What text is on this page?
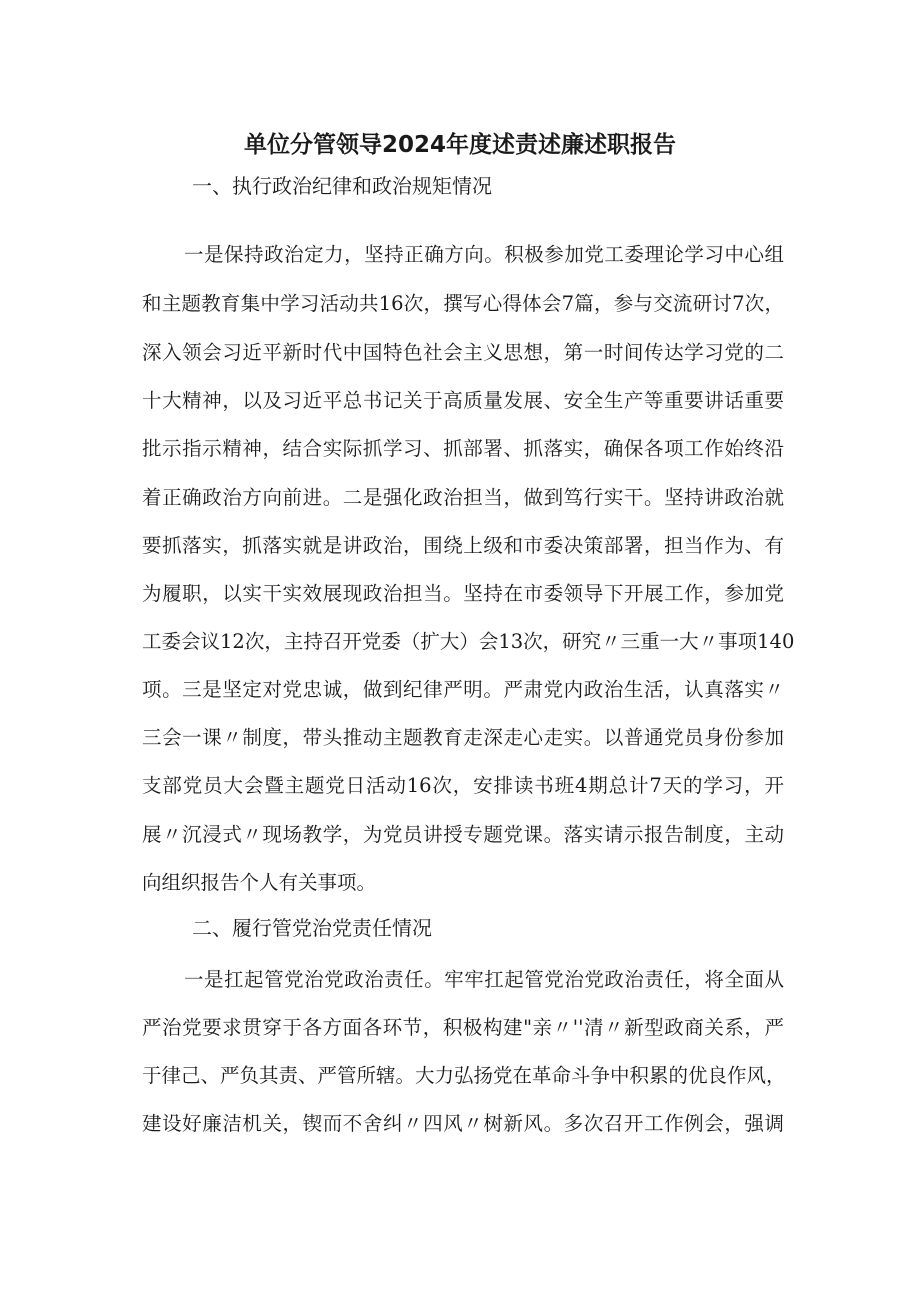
单位分管领导2024年度述责述廉述职报告

一、执行政治纪律和政治规矩情况

一是保持政治定力，坚持正确方向。积极参加党工委理论学习中心组

和主题教育集中学习活动共16次，撰写心得体会7篇，参与交流研讨7次，

深入领会习近平新时代中国特色社会主义思想，第一时间传达学习党的二

十大精神，以及习近平总书记关于高质量发展、安全生产等重要讲话重要

批示指示精神，结合实际抓学习、抓部署、抓落实，确保各项工作始终沿

着正确政治方向前进。二是强化政治担当，做到笃行实干。坚持讲政治就

要抓落实，抓落实就是讲政治，围绕上级和市委决策部署，担当作为、有

为履职，以实干实效展现政治担当。坚持在市委领导下开展工作，参加党

工委会议12次，主持召开党委（扩大）会13次，研究〃三重一大〃事项140

项。三是坚定对党忠诚，做到纪律严明。严肃党内政治生活，认真落实〃

三会一课〃制度，带头推动主题教育走深走心走实。以普通党员身份参加

支部党员大会暨主题党日活动16次，安排读书班4期总计7天的学习，开

展〃沉浸式〃现场教学，为党员讲授专题党课。落实请示报告制度，主动

向组织报告个人有关事项。

二、履行管党治党责任情况

一是扛起管党治党政治责任。牢牢扛起管党治党政治责任，将全面从

严治党要求贯穿于各方面各环节，积极构建"亲〃''清〃新型政商关系，严

于律己、严负其责、严管所辖。大力弘扬党在革命斗争中积累的优良作风，

建设好廉洁机关，锲而不舍纠〃四风〃树新风。多次召开工作例会，强调
